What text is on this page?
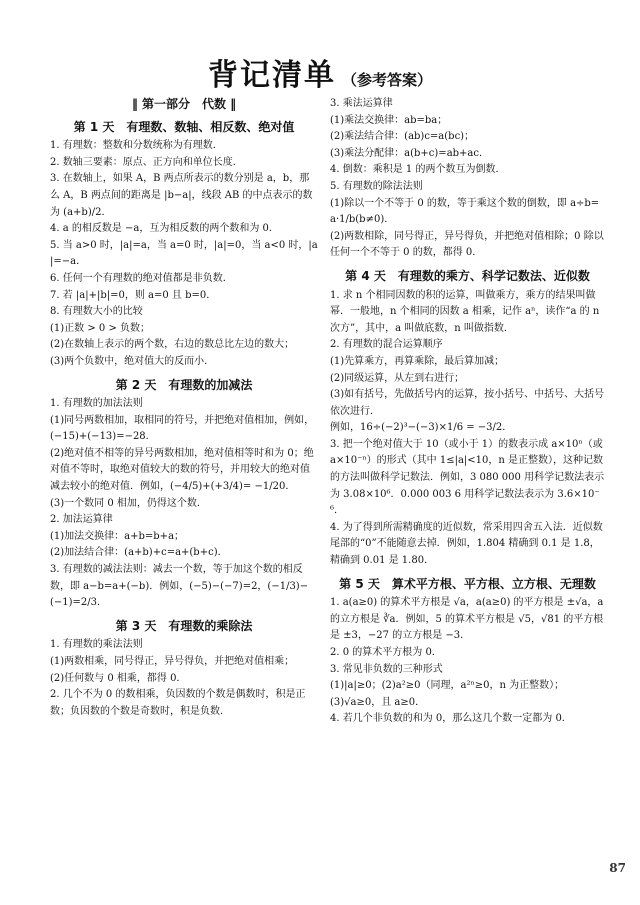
背记清单 （参考答案）
‖ 第一部分　代数 ‖
第 1 天　有理数、数轴、相反数、绝对值

1. 有理数：整数和分数统称为有理数．

2. 数轴三要素：原点、正方向和单位长度．

3. 在数轴上，如果 A，B 两点所表示的数分别是 a，b，那么 A，B 两点间的距离是 |b−a|，线段 AB 的中点表示的数为 (a+b)/2．

4. a 的相反数是 −a，互为相反数的两个数和为 0．

5. 当 a>0 时，|a|=a，当 a=0 时，|a|=0，当 a<0 时，|a|=−a．

6. 任何一个有理数的绝对值都是非负数．

7. 若 |a|+|b|=0，则 a=0 且 b=0．

8. 有理数大小的比较

(1)正数 > 0 > 负数；

(2)在数轴上表示的两个数，右边的数总比左边的数大；

(3)两个负数中，绝对值大的反而小．

第 2 天　有理数的加减法

1. 有理数的加法法则

(1)同号两数相加，取相同的符号，并把绝对值相加，例如，(−15)+(−13)=−28．

(2)绝对值不相等的异号两数相加，绝对值相等时和为 0；绝对值不等时，取绝对值较大的数的符号，并用较大的绝对值减去较小的绝对值．例如，(−4/5)+(+3/4)= −1/20．

(3)一个数同 0 相加，仍得这个数．

2. 加法运算律

(1)加法交换律：a+b=b+a；

(2)加法结合律：(a+b)+c=a+(b+c)．

3. 有理数的减法法则：减去一个数，等于加这个数的相反数，即 a−b=a+(−b)．例如，(−5)−(−7)=2，(−1/3)−(−1)=2/3．

第 3 天　有理数的乘除法

1. 有理数的乘法法则

(1)两数相乘，同号得正，异号得负，并把绝对值相乘；

(2)任何数与 0 相乘，都得 0．

2. 几个不为 0 的数相乘，负因数的个数是偶数时，积是正数；负因数的个数是奇数时，积是负数．

3. 乘法运算律

(1)乘法交换律：ab=ba；

(2)乘法结合律：(ab)c=a(bc)；

(3)乘法分配律：a(b+c)=ab+ac．

4. 倒数：乘积是 1 的两个数互为倒数．

5. 有理数的除法法则

(1)除以一个不等于 0 的数，等于乘这个数的倒数，即 a÷b=a·1/b(b≠0)．

(2)两数相除，同号得正，异号得负，并把绝对值相除；0 除以任何一个不等于 0 的数，都得 0．

第 4 天　有理数的乘方、科学记数法、近似数

1. 求 n 个相同因数的积的运算，叫做乘方，乘方的结果叫做幂．一般地，n 个相同的因数 a 相乘，记作 aⁿ，读作“a 的 n 次方”，其中，a 叫做底数，n 叫做指数．

2. 有理数的混合运算顺序

(1)先算乘方，再算乘除，最后算加减；

(2)同级运算，从左到右进行；

(3)如有括号，先做括号内的运算，按小括号、中括号、大括号依次进行．

例如，16÷(−2)³−(−3)×1/6 = −3/2．

3. 把一个绝对值大于 10（或小于 1）的数表示成 a×10ⁿ（或 a×10⁻ⁿ）的形式（其中 1≤|a|<10，n 是正整数），这种记数的方法叫做科学记数法．例如，3 080 000 用科学记数法表示为 3.08×10⁶．0.000 003 6 用科学记数法表示为 3.6×10⁻⁶．

4. 为了得到所需精确度的近似数，常采用四舍五入法．近似数尾部的“0”不能随意去掉．例如，1.804 精确到 0.1 是 1.8，精确到 0.01 是 1.80．

第 5 天　算术平方根、平方根、立方根、无理数

1. a(a≥0) 的算术平方根是 √a，a(a≥0) 的平方根是 ±√a，a 的立方根是 ∛a．例如，5 的算术平方根是 √5，√81 的平方根是 ±3，−27 的立方根是 −3．

2. 0 的算术平方根为 0．

3. 常见非负数的三种形式

(1)|a|≥0；(2)a²≥0（同理，a²ⁿ≥0，n 为正整数）；

(3)√a≥0，且 a≥0．

4. 若几个非负数的和为 0，那么这几个数一定都为 0．

87
